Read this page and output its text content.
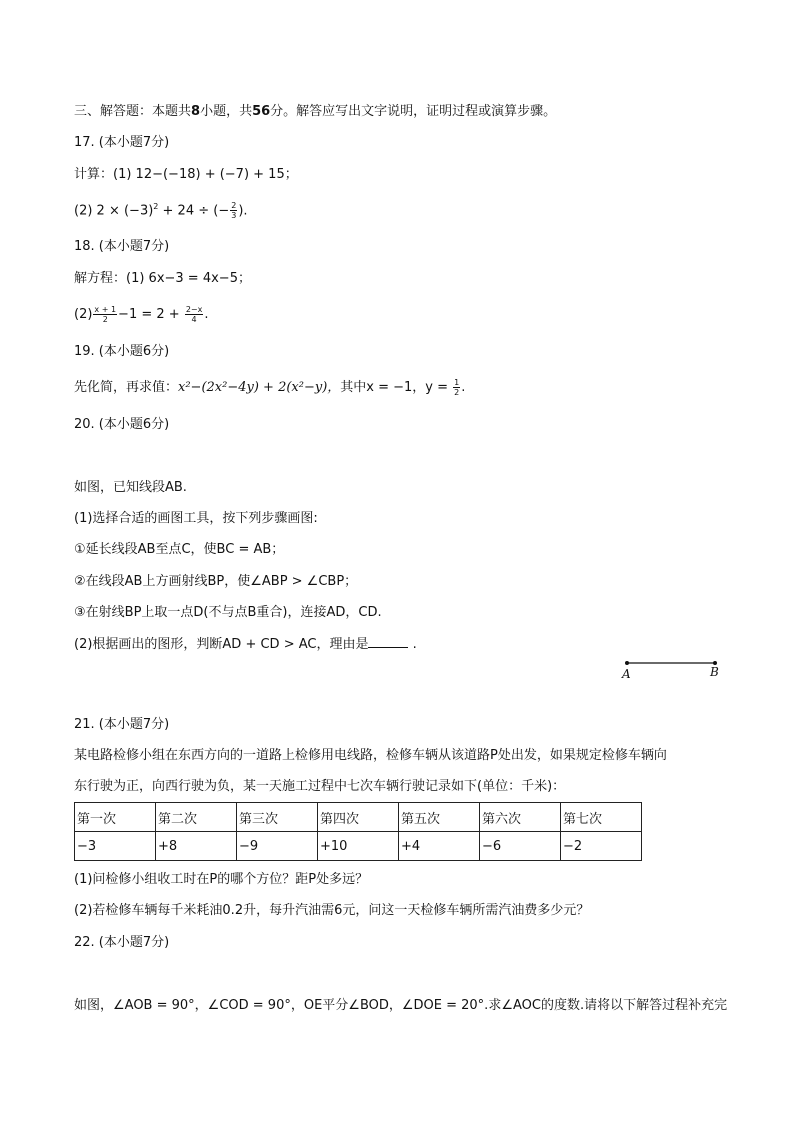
三、解答题：本题共8小题，共56分。解答应写出文字说明，证明过程或演算步骤。
17. (本小题7分)
计算：(1) 12−(−18) + (−7) + 15；
(2) $2 \times (-3)^2 + 24$ ÷ (− $\frac{2}{3}$ ).
18. (本小题7分)
解方程：(1) 6x−3 = 4x−5；
$(2) \frac{x + 1}{2} -1 = 2 + \frac{2-x}{4}$ .
19. (本小题6分)
先化简，再求值：x²−(2x²−4y) + 2(x²−y)，其中x = −1，$y = \frac{1}{2}$ .
20. (本小题6分)
如图，已知线段AB.
(1)选择合适的画图工具，按下列步骤画图:
①延长线段AB至点C，使BC = AB；
②在线段AB上方画射线BP，使∠ABP > ∠CBP；
③在射线BP上取一点D(不与点B重合)，连接AD，CD.
(2)根据画出的图形，判断AD + CD > AC，理由是	.
A	B
21. (本小题7分)
某电路检修小组在东西方向的一道路上检修用电线路，检修车辆从该道路P处出发，如果规定检修车辆向
东行驶为正，向西行驶为负，某一天施工过程中七次车辆行驶记录如下(单位：千米)：
第一次	第二次	第三次	第四次	第五次	第六次	第七次
−3	+8	−9	+10	+4	−6	−2
(1)问检修小组收工时在P的哪个方位？距P处多远？
(2)若检修车辆每千米耗油0.2升，每升汽油需6元，问这一天检修车辆所需汽油费多少元？
22. (本小题7分)
如图，∠AOB = 90°，∠COD = 90°，OE平分∠BOD，∠DOE = 20°.求∠AOC的度数.请将以下解答过程补充完
